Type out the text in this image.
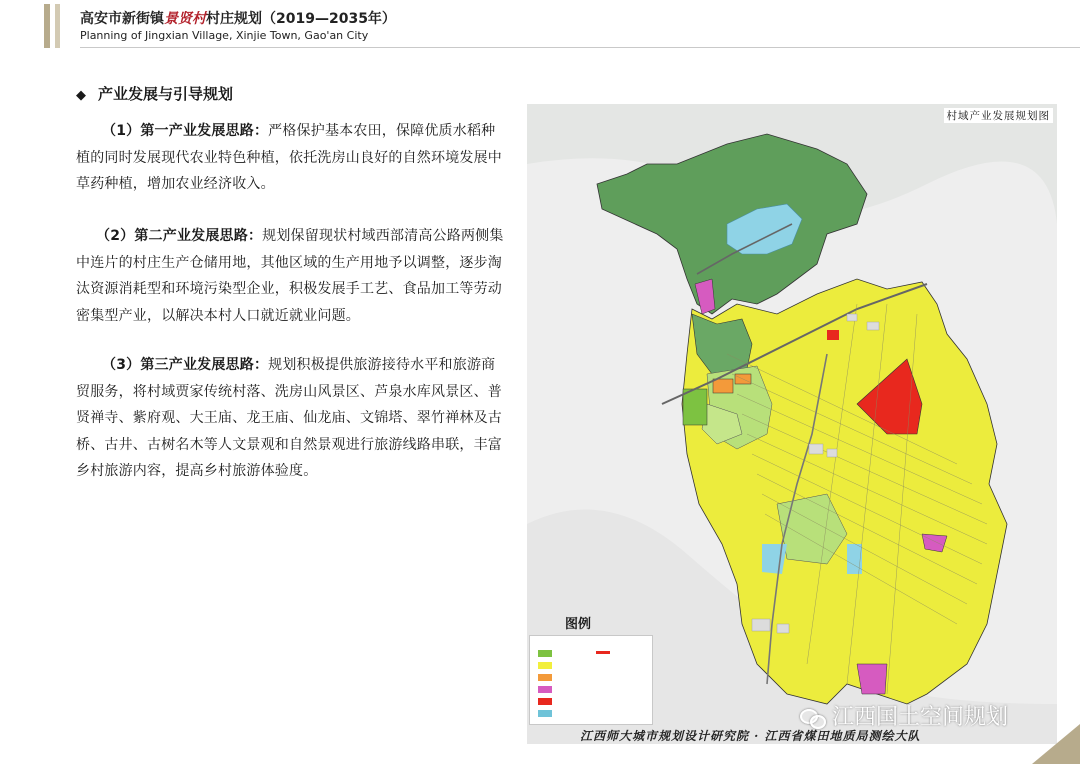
高安市新街镇景贤村村庄规划（2019—2035年）
Planning of Jingxian Village, Xinjie Town, Gao'an City
◆ 产业发展与引导规划
（1）第一产业发展思路：严格保护基本农田，保障优质水稻种植的同时发展现代农业特色种植，依托洗房山良好的自然环境发展中草药种植，增加农业经济收入。
（2）第二产业发展思路：规划保留现状村域西部清高公路两侧集中连片的村庄生产仓储用地，其他区域的生产用地予以调整，逐步淘汰资源消耗型和环境污染型企业，积极发展手工艺、食品加工等劳动密集型产业，以解决本村人口就近就业问题。
（3）第三产业发展思路：规划积极提供旅游接待水平和旅游商贸服务，将村域贾家传统村落、洗房山风景区、芦泉水库风景区、普贤禅寺、紫府观、大王庙、龙王庙、仙龙庙、文锦塔、翠竹禅林及古桥、古井、古树名木等人文景观和自然景观进行旅游线路串联，丰富乡村旅游内容，提高乡村旅游体验度。
村域产业发展规划图
图例
江西师大城市规划设计研究院 · 江西省煤田地质局测绘大队
江西国土空间规划
